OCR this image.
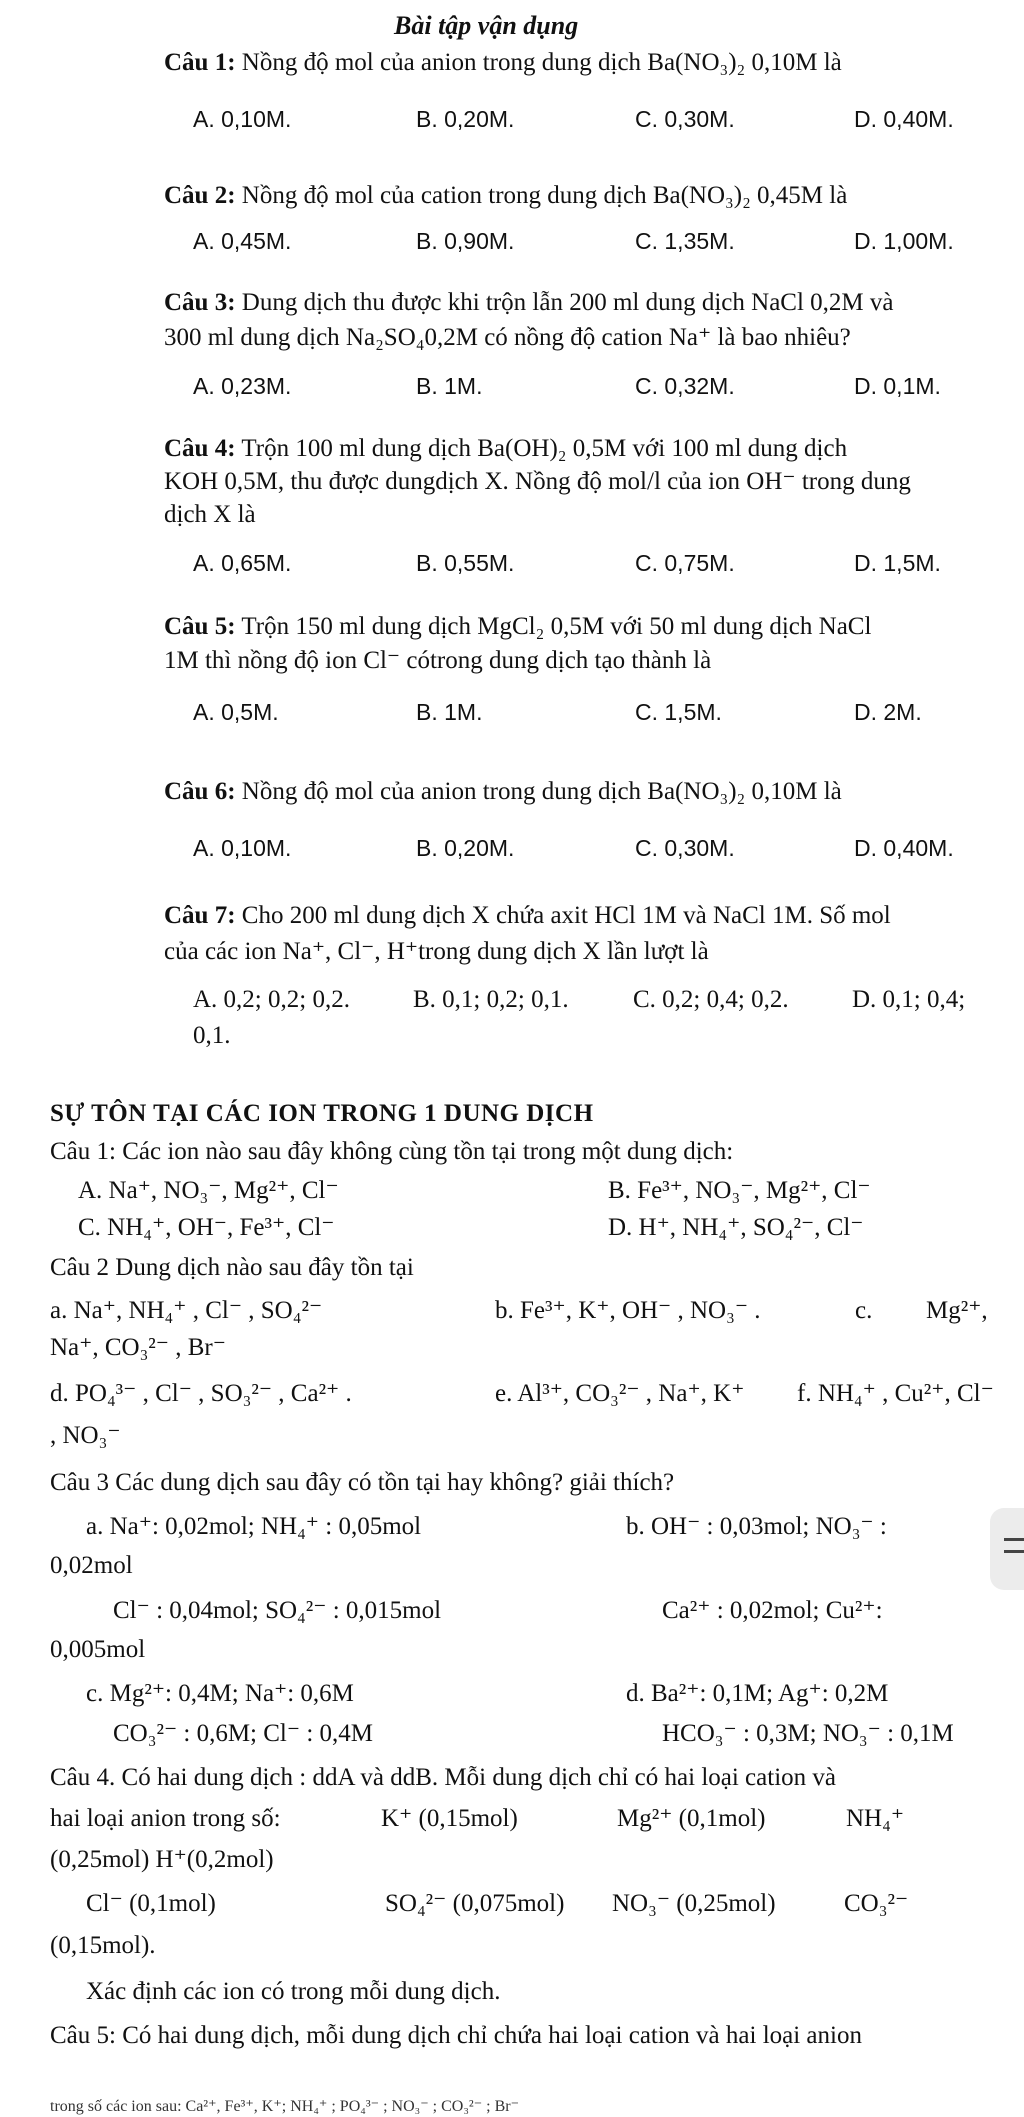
Bài tập vận dụng
Câu 1: Nồng độ mol của anion trong dung dịch Ba(NO₃)₂ 0,10M là
A. 0,10M.	B. 0,20M.	C. 0,30M.	D. 0,40M.
Câu 2: Nồng độ mol của cation trong dung dịch Ba(NO₃)₂ 0,45M là
A. 0,45M.	B. 0,90M.	C. 1,35M.	D. 1,00M.
Câu 3: Dung dịch thu được khi trộn lẫn 200 ml dung dịch NaCl 0,2M và
300 ml dung dịch Na₂SO₄0,2M có nồng độ cation Na⁺ là bao nhiêu?
A. 0,23M.	B. 1M.	C. 0,32M.	D. 0,1M.
Câu 4: Trộn 100 ml dung dịch Ba(OH)₂ 0,5M với 100 ml dung dịch
KOH 0,5M, thu được dungdịch X. Nồng độ mol/l của ion OH⁻ trong dung
dịch X là
A. 0,65M.	B. 0,55M.	C. 0,75M.	D. 1,5M.
Câu 5: Trộn 150 ml dung dịch MgCl₂ 0,5M với 50 ml dung dịch NaCl
1M thì nồng độ ion Cl⁻ cótrong dung dịch tạo thành là
A. 0,5M.	B. 1M.	C. 1,5M.	D. 2M.
Câu 6: Nồng độ mol của anion trong dung dịch Ba(NO₃)₂ 0,10M là
A. 0,10M.	B. 0,20M.	C. 0,30M.	D. 0,40M.
Câu 7: Cho 200 ml dung dịch X chứa axit HCl 1M và NaCl 1M. Số mol
của các ion Na⁺, Cl⁻, H⁺trong dung dịch X lần lượt là
A. 0,2; 0,2; 0,2.	B. 0,1; 0,2; 0,1.	C. 0,2; 0,4; 0,2.	D. 0,1; 0,4;
0,1.
SỰ TÔN TẠI CÁC ION TRONG 1 DUNG DỊCH
Câu 1: Các ion nào sau đây không cùng tồn tại trong một dung dịch:
A. Na⁺, NO₃⁻, Mg²⁺, Cl⁻	B. Fe³⁺, NO₃⁻, Mg²⁺, Cl⁻
C. NH₄⁺, OH⁻, Fe³⁺, Cl⁻	D. H⁺, NH₄⁺, SO₄²⁻, Cl⁻
Câu 2 Dung dịch nào sau đây tồn tại
a. Na⁺, NH₄⁺ , Cl⁻ , SO₄²⁻	b. Fe³⁺, K⁺, OH⁻ , NO₃⁻ .	c. Mg²⁺,
Na⁺, CO₃²⁻ , Br⁻
d. PO₄³⁻ , Cl⁻ , SO₃²⁻ , Ca²⁺ .	e. Al³⁺, CO₃²⁻ , Na⁺, K⁺ f. NH₄⁺ , Cu²⁺, Cl⁻
, NO₃⁻
Câu 3 Các dung dịch sau đây có tồn tại hay không? giải thích?
a. Na⁺: 0,02mol; NH₄⁺ : 0,05mol	b. OH⁻ : 0,03mol; NO₃⁻ :
0,02mol
Cl⁻ : 0,04mol; SO₄²⁻ : 0,015mol	Ca²⁺ : 0,02mol; Cu²⁺:
0,005mol
c. Mg²⁺: 0,4M; Na⁺: 0,6M	d. Ba²⁺: 0,1M; Ag⁺: 0,2M
CO₃²⁻ : 0,6M; Cl⁻ : 0,4M	HCO₃⁻ : 0,3M; NO₃⁻ : 0,1M
Câu 4. Có hai dung dịch : ddA và ddB. Mỗi dung dịch chỉ có hai loại cation và
hai loại anion trong số:	K⁺ (0,15mol)	Mg²⁺ (0,1mol)	NH₄⁺
(0,25mol) H⁺(0,2mol)
Cl⁻ (0,1mol)	SO₄²⁻ (0,075mol) NO₃⁻ (0,25mol)	CO₃²⁻
(0,15mol).
Xác định các ion có trong mỗi dung dịch.
Câu 5: Có hai dung dịch, mỗi dung dịch chỉ chứa hai loại cation và hai loại anion
trong số các ion sau: Ca²⁺, Fe³⁺, K⁺; NH₄⁺ ; PO₄³⁻ ; NO₃⁻ ; CO₃²⁻ ; Br⁻
